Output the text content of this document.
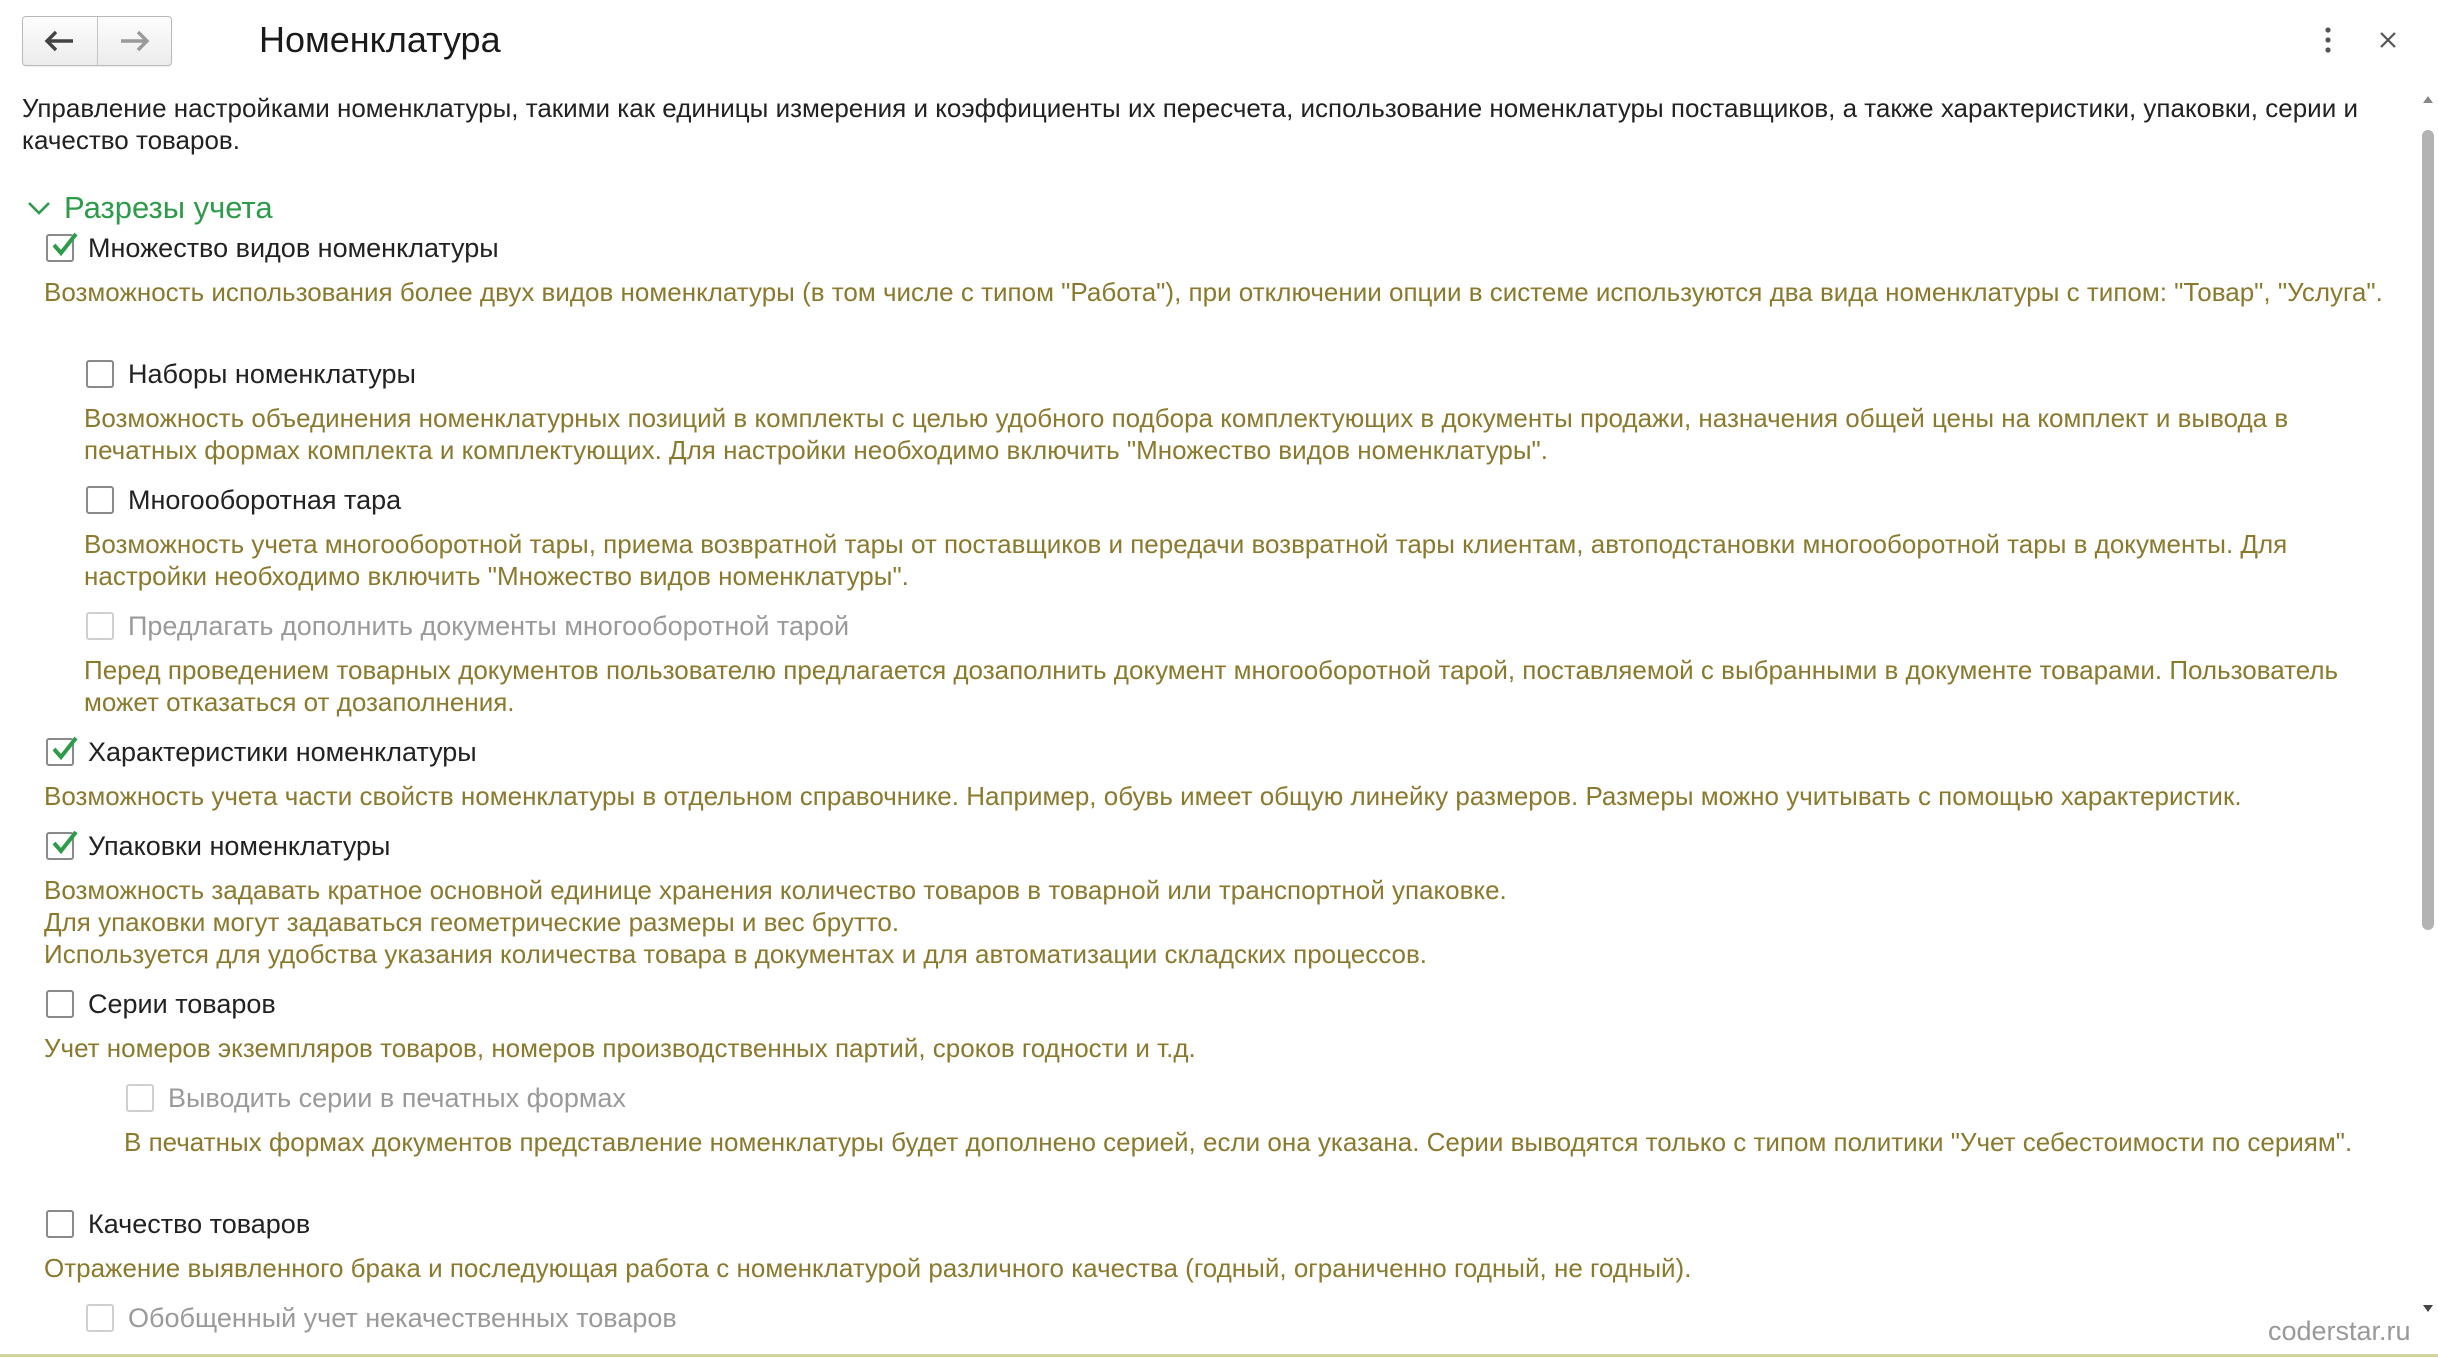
Номенклатура
Управление настройками номенклатуры, такими как единицы измерения и коэффициенты их пересчета, использование номенклатуры поставщиков, а также характеристики, упаковки, серии и качество товаров.
Разрезы учета
Множество видов номенклатуры
Возможность использования более двух видов номенклатуры (в том числе с типом "Работа"), при отключении опции в системе используются два вида номенклатуры с типом: "Товар", "Услуга".
Наборы номенклатуры
Возможность объединения номенклатурных позиций в комплекты с целью удобного подбора комплектующих в документы продажи, назначения общей цены на комплект и вывода в печатных формах комплекта и комплектующих. Для настройки необходимо включить "Множество видов номенклатуры".
Многооборотная тара
Возможность учета многооборотной тары, приема возвратной тары от поставщиков и передачи возвратной тары клиентам, автоподстановки многооборотной тары в документы. Для настройки необходимо включить "Множество видов номенклатуры".
Предлагать дополнить документы многооборотной тарой
Перед проведением товарных документов пользователю предлагается дозаполнить документ многооборотной тарой, поставляемой с выбранными в документе товарами. Пользователь может отказаться от дозаполнения.
Характеристики номенклатуры
Возможность учета части свойств номенклатуры в отдельном справочнике. Например, обувь имеет общую линейку размеров. Размеры можно учитывать с помощью характеристик.
Упаковки номенклатуры
Возможность задавать кратное основной единице хранения количество товаров в товарной или транспортной упаковке.
Для упаковки могут задаваться геометрические размеры и вес брутто.
Используется для удобства указания количества товара в документах и для автоматизации складских процессов.
Серии товаров
Учет номеров экземпляров товаров, номеров производственных партий, сроков годности и т.д.
Выводить серии в печатных формах
В печатных формах документов представление номенклатуры будет дополнено серией, если она указана. Серии выводятся только с типом политики "Учет себестоимости по сериям".
Качество товаров
Отражение выявленного брака и последующая работа с номенклатурой различного качества (годный, ограниченно годный, не годный).
Обобщенный учет некачественных товаров	coderstar.ru
